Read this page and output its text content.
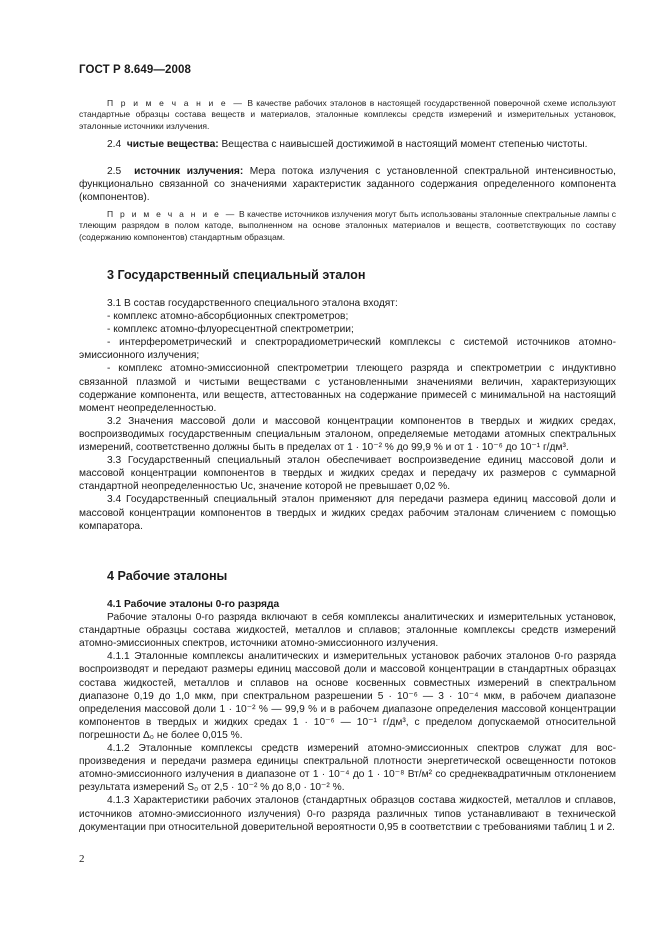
ГОСТ Р 8.649—2008

П р и м е ч а н и е — В качестве рабочих эталонов в настоящей государственной поверочной схеме используют стандартные образцы состава веществ и материалов, эталонные комплексы средств измерений и измерительных установок, эталонные источники излучения.

2.4 чистые вещества: Вещества с наивысшей достижимой в настоящий момент степенью чистоты.

2.5 источник излучения: Мера потока излучения с установленной спектральной интенсивностью, функционально связанной со значениями характеристик заданного содержания определенного компонента (компонентов).

П р и м е ч а н и е — В качестве источников излучения могут быть использованы эталонные спектральные лампы с тлеющим разрядом в полом катоде, выполненном на основе эталонных материалов и веществ, соответствующих по составу (содержанию компонентов) стандартным образцам.

3 Государственный специальный эталон

3.1 В состав государственного специального эталона входят:

- комплекс атомно-абсорбционных спектрометров;

- комплекс атомно-флуоресцентной спектрометрии;

- интерферометрический и спектрорадиометрический комплексы с системой источников атомно-эмиссионного излучения;

- комплекс атомно-эмиссионной спектрометрии тлеющего разряда и спектрометрии с индуктивно связанной плазмой и чистыми веществами с установленными значениями величин, характеризующих содержание компонента, или веществ, аттестованных на содержание примесей с минимальной на настоящий момент неопределенностью.

3.2 Значения массовой доли и массовой концентрации компонентов в твердых и жидких средах, воспроизводимых государственным специальным эталоном, определяемые методами атомных спектральных измерений, соответственно должны быть в пределах от 1 · 10⁻² % до 99,9 % и от 1 · 10⁻⁶ до 10⁻¹ г/дм³.

3.3 Государственный специальный эталон обеспечивает воспроизведение единиц массовой доли и массовой концентрации компонентов в твердых и жидких средах и передачу их размеров с суммарной стандартной неопределенностью Uc, значение которой не превышает 0,02 %.

3.4 Государственный специальный эталон применяют для передачи размера единиц массовой доли и массовой концентрации компонентов в твердых и жидких средах рабочим эталонам сличением с помощью компаратора.

4 Рабочие эталоны

4.1 Рабочие эталоны 0-го разряда

Рабочие эталоны 0-го разряда включают в себя комплексы аналитических и измерительных установок, стандартные образцы состава жидкостей, металлов и сплавов; эталонные комплексы средств измерений атомно-эмиссионных спектров, источники атомно-эмиссионного излучения.

4.1.1 Эталонные комплексы аналитических и измерительных установок рабочих эталонов 0-го разряда воспроизводят и передают размеры единиц массовой доли и массовой концентрации в стандартных образцах состава жидкостей, металлов и сплавов на основе косвенных совместных измерений в спектральном диапазоне 0,19 до 1,0 мкм, при спектральном разрешении 5 · 10⁻⁶ — 3 · 10⁻⁴ мкм, в рабочем диапазоне определения массовой доли 1 · 10⁻² % — 99,9 % и в рабочем диапазоне определения массовой концентрации компонентов в твердых и жидких средах 1 · 10⁻⁶ — 10⁻¹ г/дм³, с пределом допускаемой относительной погрешности Δ₀ не более 0,015 %.

4.1.2 Эталонные комплексы средств измерений атомно-эмиссионных спектров служат для воспроизведения и передачи размера единицы спектральной плотности энергетической освещенности потоков атомно-эмиссионного излучения в диапазоне от 1 · 10⁻⁴ до 1 · 10⁻⁸ Вт/м² со среднеквадратичным отклонением результата измерений S₀ от 2,5 · 10⁻² % до 8,0 · 10⁻² %.

4.1.3 Характеристики рабочих эталонов (стандартных образцов состава жидкостей, металлов и сплавов, источников атомно-эмиссионного излучения) 0-го разряда различных типов устанавливают в технической документации при относительной доверительной вероятности 0,95 в соответствии с требованиями таблиц 1 и 2.

2
